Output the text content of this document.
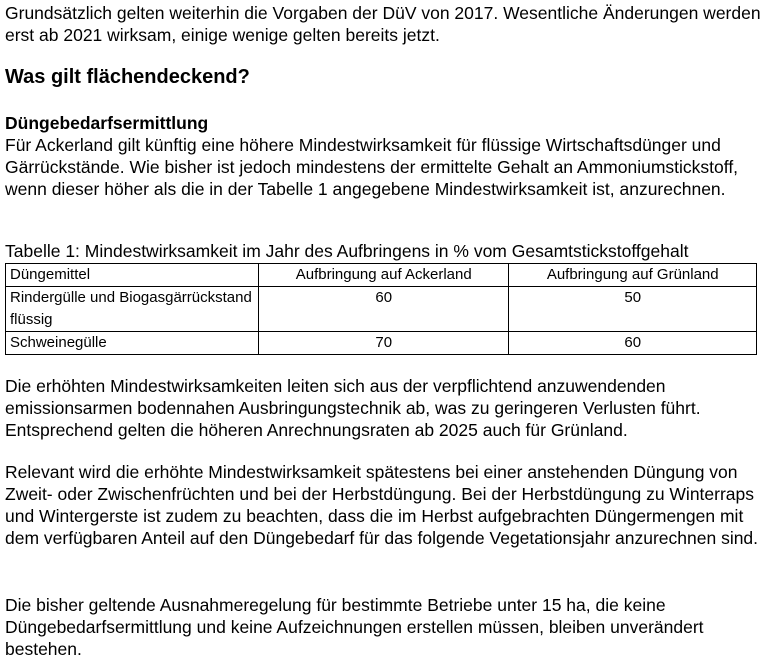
Grundsätzlich gelten weiterhin die Vorgaben der DüV von 2017. Wesentliche Änderungen werden erst ab 2021 wirksam, einige wenige gelten bereits jetzt.

Was gilt flächendeckend?
Düngebedarfsermittlung

Für Ackerland gilt künftig eine höhere Mindestwirksamkeit für flüssige Wirtschaftsdünger und Gärrückstände. Wie bisher ist jedoch mindestens der ermittelte Gehalt an Ammoniumstickstoff, wenn dieser höher als die in der Tabelle 1 angegebene Mindestwirksamkeit ist, anzurechnen.

Tabelle 1: Mindestwirksamkeit im Jahr des Aufbringens in % vom Gesamtstickstoffgehalt

Düngemittel	Aufbringung auf Ackerland	Aufbringung auf Grünland
Rindergülle und Biogasgärrückstand flüssig	60	50
Schweinegülle	70	60

Die erhöhten Mindestwirksamkeiten leiten sich aus der verpflichtend anzuwendenden emissionsarmen bodennahen Ausbringungstechnik ab, was zu geringeren Verlusten führt. Entsprechend gelten die höheren Anrechnungsraten ab 2025 auch für Grünland.

Relevant wird die erhöhte Mindestwirksamkeit spätestens bei einer anstehenden Düngung von Zweit- oder Zwischenfrüchten und bei der Herbstdüngung. Bei der Herbstdüngung zu Winterraps und Wintergerste ist zudem zu beachten, dass die im Herbst aufgebrachten Düngermengen mit dem verfügbaren Anteil auf den Düngebedarf für das folgende Vegetationsjahr anzurechnen sind.

Die bisher geltende Ausnahmeregelung für bestimmte Betriebe unter 15 ha, die keine Düngebedarfsermittlung und keine Aufzeichnungen erstellen müssen, bleiben unverändert bestehen.
